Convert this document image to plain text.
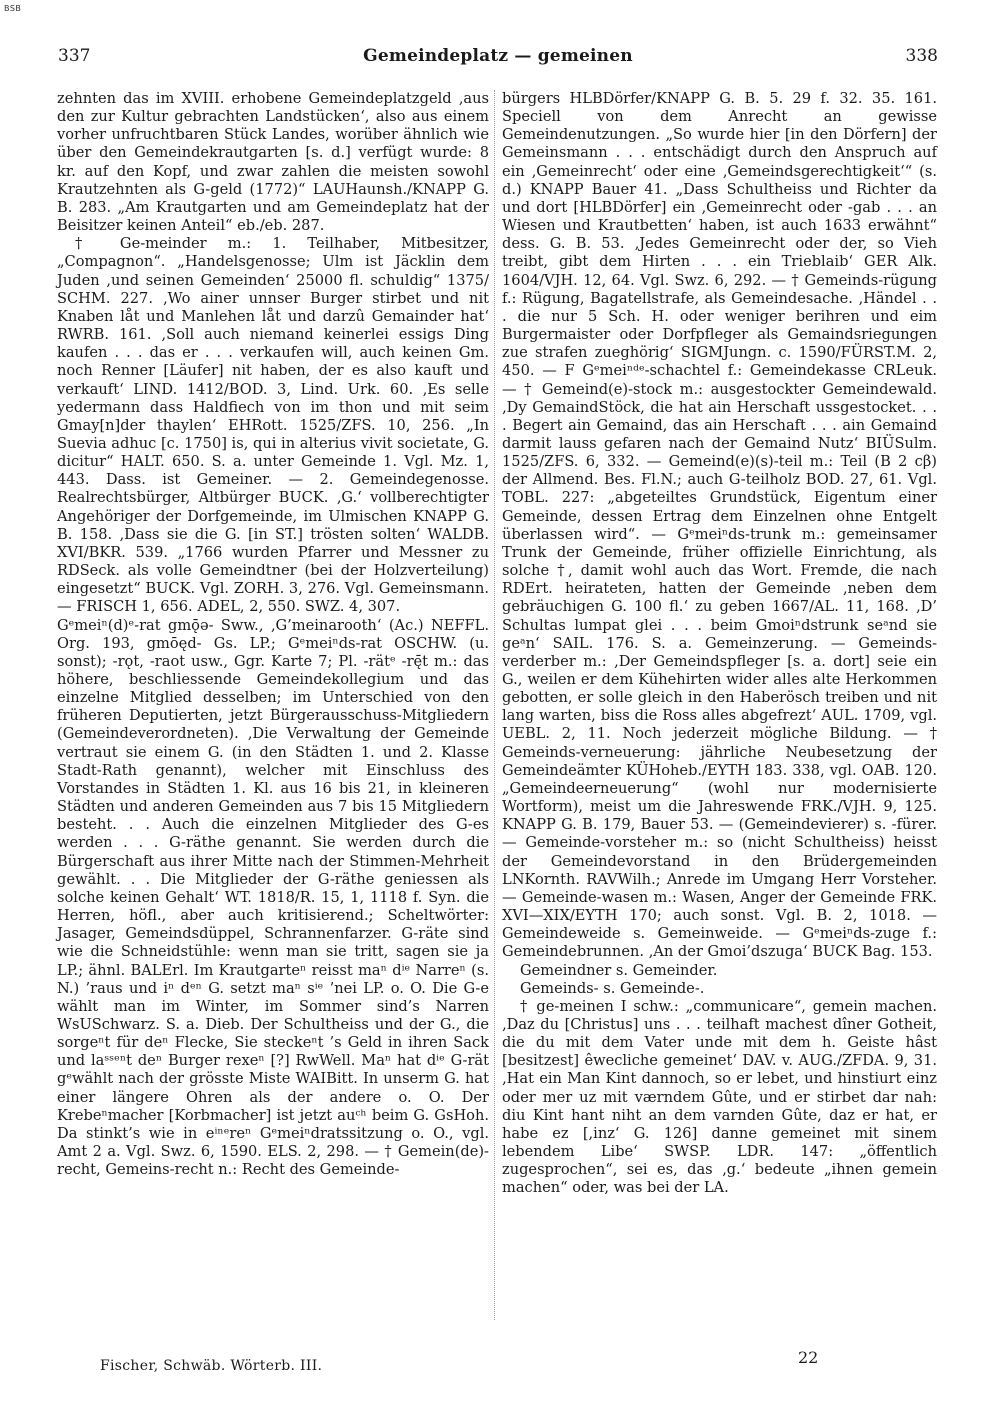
BSB
337	Gemeindeplatz — gemeinen	338

zehnten das im XVIII. erhobene Gemeindeplatzgeld ‚aus den zur Kultur gebrachten Landstücken‘, also aus einem vorher unfruchtbaren Stück Landes, worüber ähnlich wie über den Gemeindekrautgarten [s. d.] verfügt wurde: 8 kr. auf den Kopf, und zwar zahlen die meisten sowohl Krautzehnten als G-geld (1772)“ LAUHaunsh./KNAPP G. B. 283. „Am Krautgarten und am Gemeindeplatz hat der Beisitzer keinen Anteil“ eb./eb. 287.

† Ge-meinder m.: 1. Teilhaber, Mitbesitzer, „Compagnon“. „Handelsgenosse; Ulm ist Jäcklin dem Juden ‚und seinen Gemeinden‘ 25000 fl. schuldig“ 1375/ SCHM. 227. ‚Wo ainer unnser Burger stirbet und nit Knaben låt und Manlehen låt und darzû Gemainder hat‘ RWRB. 161. ‚Soll auch niemand keinerlei essigs Ding kaufen . . . das er . . . verkaufen will, auch keinen Gm. noch Renner [Läufer] nit haben, der es also kauft und verkauft‘ LIND. 1412/BOD. 3, Lind. Urk. 60. ‚Es selle yedermann dass Haldfiech von im thon und mit seim Gmay[n]der thaylen‘ EHRott. 1525/ZFS. 10, 256. „In Suevia adhuc [c. 1750] is, qui in alterius vivit societate, G. dicitur“ HALT. 650. S. a. unter Gemeinde 1. Vgl. Mz. 1, 443. Dass. ist Gemeiner. — 2. Gemeindegenosse. Realrechtsbürger, Altbürger BUCK. ‚G.‘ vollberechtigter Angehöriger der Dorfgemeinde, im Ulmischen KNAPP G. B. 158. ‚Dass sie die G. [in ST.] trösten solten‘ WALDB. XVI/BKR. 539. „1766 wurden Pfarrer und Messner zu RDSeck. als volle Gemeindtner (bei der Holzverteilung) eingesetzt“ BUCK. Vgl. ZORH. 3, 276. Vgl. Gemeinsmann. — FRISCH 1, 656. ADEL, 2, 550. SWZ. 4, 307.

Gᵉmeiⁿ(d)ᵉ-rat gmǭə- Sww., ‚G’meinarooth‘ (Ac.) NEFFL. Org. 193, gmōęd- Gs. LP.; Gᵉmeiⁿds-rat OSCHW. (u. sonst); -rǫt, -raot usw., Ggr. Karte 7; Pl. -rätᵉ -rę̄t m.: das höhere, beschliessende Gemeindekollegium und das einzelne Mitglied desselben; im Unterschied von den früheren Deputierten, jetzt Bürgerausschuss-Mitgliedern (Gemeindeverordneten). ‚Die Verwaltung der Gemeinde vertraut sie einem G. (in den Städten 1. und 2. Klasse Stadt-Rath genannt), welcher mit Einschluss des Vorstandes in Städten 1. Kl. aus 16 bis 21, in kleineren Städten und anderen Gemeinden aus 7 bis 15 Mitgliedern besteht. . . Auch die einzelnen Mitglieder des G-es werden . . . G-räthe genannt. Sie werden durch die Bürgerschaft aus ihrer Mitte nach der Stimmen-Mehrheit gewählt. . . Die Mitglieder der G-räthe geniessen als solche keinen Gehalt‘ WT. 1818/R. 15, 1, 1118 f. Syn. die Herren, höfl., aber auch kritisierend.; Scheltwörter: Jasager, Gemeindsdüppel, Schrannenfarzer. G-räte sind wie die Schneidstühle: wenn man sie tritt, sagen sie ja LP.; ähnl. BALErl. Im Krautgarteⁿ reisst maⁿ dⁱᵉ Narreⁿ (s. N.) ’raus und iⁿ dᵉⁿ G. setzt maⁿ sⁱᵉ ’nei LP. o. O. Die G-e wählt man im Winter, im Sommer sind’s Narren WsUSchwarz. S. a. Dieb. Der Schultheiss und der G., die sorgeⁿt für deⁿ Flecke, Sie steckeⁿt ’s Geld in ihren Sack und laˢˢᵉⁿt deⁿ Burger rexeⁿ [?] RwWell. Maⁿ hat dⁱᵉ G-rät gᵉwählt nach der grösste Miste WAIBitt. In unserm G. hat einer längere Ohren als der andere o. O. Der Krebeⁿmacher [Korbmacher] ist jetzt auᶜʰ beim G. GsHoh. Da stinkt’s wie in eⁱⁿᵉreⁿ Gᵉmeiⁿdratssitzung o. O., vgl. Amt 2 a. Vgl. Swz. 6, 1590. ELS. 2, 298. — † Gemein(de)-recht, Gemeins-recht n.: Recht des Gemeinde-

bürgers HLBDörfer/KNAPP G. B. 5. 29 f. 32. 35. 161. Speciell von dem Anrecht an gewisse Gemeindenutzungen. „So wurde hier [in den Dörfern] der Gemeinsmann . . . entschädigt durch den Anspruch auf ein ‚Gemeinrecht‘ oder eine ‚Gemeindsgerechtigkeit‘“ (s. d.) KNAPP Bauer 41. „Dass Schultheiss und Richter da und dort [HLBDörfer] ein ‚Gemeinrecht oder -gab . . . an Wiesen und Krautbetten‘ haben, ist auch 1633 erwähnt“ dess. G. B. 53. ‚Jedes Gemeinrecht oder der, so Vieh treibt, gibt dem Hirten . . . ein Trieblaib‘ GER Alk. 1604/VJH. 12, 64. Vgl. Swz. 6, 292. — † Gemeinds-rügung f.: Rügung, Bagatellstrafe, als Gemeindesache. ‚Händel . . . die nur 5 Sch. H. oder weniger berihren und eim Burgermaister oder Dorfpfleger als Gemaindsriegungen zue strafen zueghörig‘ SIGMJungn. c. 1590/FÜRST.M. 2, 450. — F Gᵉmeiⁿᵈᵉ-schachtel f.: Gemeindekasse CRLeuk. — † Gemeind(e)-stock m.: ausgestockter Gemeindewald. ‚Dy GemaindStöck, die hat ain Herschaft ussgestocket. . . . Begert ain Gemaind, das ain Herschaft . . . ain Gemaind darmit lauss gefaren nach der Gemaind Nutz‘ BIÜSulm. 1525/ZFS. 6, 332. — Gemeind(e)(s)-teil m.: Teil (B 2 cβ) der Allmend. Bes. Fl.N.; auch G-teilholz BOD. 27, 61. Vgl. TOBL. 227: „abgeteiltes Grundstück, Eigentum einer Gemeinde, dessen Ertrag dem Einzelnen ohne Entgelt überlassen wird“. — Gᵉmeiⁿds-trunk m.: gemeinsamer Trunk der Gemeinde, früher offizielle Einrichtung, als solche †, damit wohl auch das Wort. Fremde, die nach RDErt. heirateten, hatten der Gemeinde ‚neben dem gebräuchigen G. 100 fl.‘ zu geben 1667/AL. 11, 168. ‚D’ Schultas lumpat glei . . . beim Gmoiⁿdstrunk seᵃnd sie geᵃn‘ SAIL. 176. S. a. Gemeinzerung. — Gemeinds-verderber m.: ‚Der Gemeindspfleger [s. a. dort] seie ein G., weilen er dem Kühehirten wider alles alte Herkommen gebotten, er solle gleich in den Haberösch treiben und nit lang warten, biss die Ross alles abgefrezt‘ AUL. 1709, vgl. UEBL. 2, 11. Noch jederzeit mögliche Bildung. — † Gemeinds-verneuerung: jährliche Neubesetzung der Gemeindeämter KÜHoheb./EYTH 183. 338, vgl. OAB. 120. „Gemeindeerneuerung“ (wohl nur modernisierte Wortform), meist um die Jahreswende FRK./VJH. 9, 125. KNAPP G. B. 179, Bauer 53. — (Gemeindevierer) s. -fürer. — Gemeinde-vorsteher m.: so (nicht Schultheiss) heisst der Gemeindevorstand in den Brüdergemeinden LNKornth. RAVWilh.; Anrede im Umgang Herr Vorsteher. — Gemeinde-wasen m.: Wasen, Anger der Gemeinde FRK. XVI—XIX/EYTH 170; auch sonst. Vgl. B. 2, 1018. — Gemeindeweide s. Gemeinweide. — Gᵉmeiⁿds-zuge f.: Gemeindebrunnen. ‚An der Gmoi’dszuga‘ BUCK Bag. 153.

Gemeindner s. Gemeinder.

Gemeinds- s. Gemeinde-.

† ge-meinen I schw.: „communicare“, gemein machen. ‚Daz du [Christus] uns . . . teilhaft machest dîner Gotheit, die du mit dem Vater unde mit dem h. Geiste hâst [besitzest] êwecliche gemeinet‘ DAV. v. AUG./ZFDA. 9, 31. ‚Hat ein Man Kint dannoch, so er lebet, und hinstiurt einz oder mer uz mit værndem Gûte, und er stirbet dar nah: diu Kint hant niht an dem varnden Gûte, daz er hat, er habe ez [,inz‘ G. 126] danne gemeinet mit sinem lebendem Libe‘ SWSP. LDR. 147: „öffentlich zugesprochen“, sei es, das ‚g.‘ bedeute „ihnen gemein machen“ oder, was bei der LA.

Fischer, Schwäb. Wörterb. III.	22
